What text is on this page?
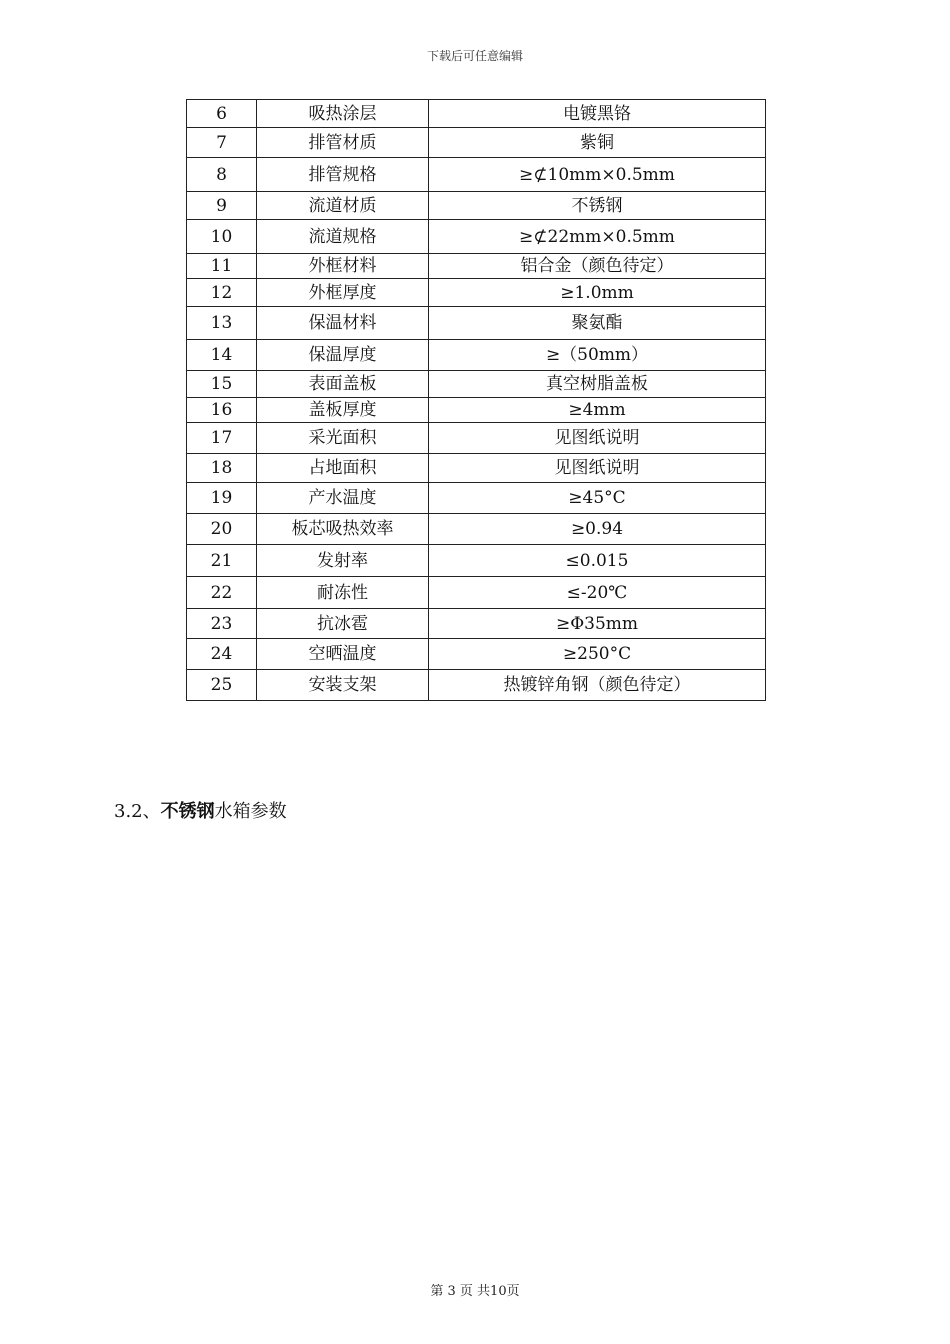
下载后可任意编辑
6	吸热涂层	电镀黑铬
7	排管材质	紫铜
8	排管规格	≥⊄10mm×0.5mm
9	流道材质	不锈钢
10	流道规格	≥⊄22mm×0.5mm
11	外框材料	铝合金（颜色待定）
12	外框厚度	≥1.0mm
13	保温材料	聚氨酯
14	保温厚度	≥（50mm）
15	表面盖板	真空树脂盖板
16	盖板厚度	≥4mm
17	采光面积	见图纸说明
18	占地面积	见图纸说明
19	产水温度	≥45°C
20	板芯吸热效率	≥0.94
21	发射率	≤0.015
22	耐冻性	≤-20℃
23	抗冰雹	≥Φ35mm
24	空晒温度	≥250°C
25	安装支架	热镀锌角钢（颜色待定）
3.2、不锈钢水箱参数
第 3 页 共10页
